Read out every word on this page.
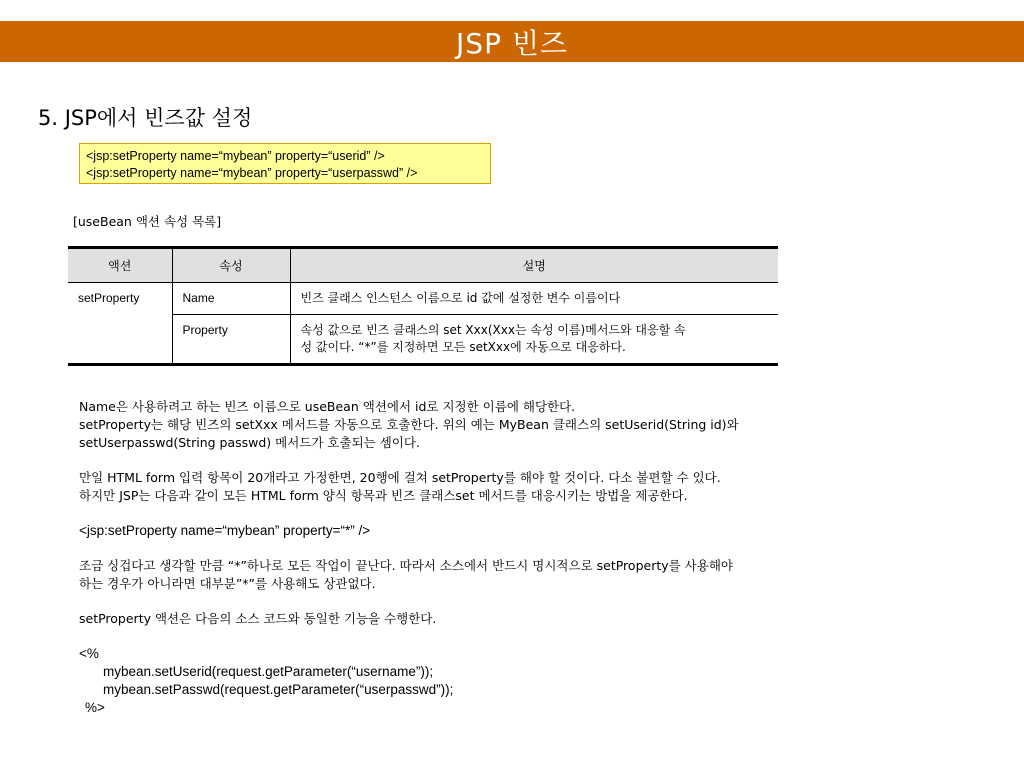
JSP 빈즈
5. JSP에서 빈즈값 설정
<jsp:setProperty name=“mybean” property=“userid” />
<jsp:setProperty name=“mybean” property=“userpasswd” />
[useBean 액션 속성 목록]
액션	속성	설명
setProperty	Name	빈즈 클래스 인스턴스 이름으로 id 값에 설정한 변수 이름이다
	Property	속성 값으로 빈즈 클래스의 set Xxx(Xxx는 속성 이름)메서드와 대응할 속
성 값이다. “*”를 지정하면 모든 setXxx에 자동으로 대응하다.

Name은 사용하려고 하는 빈즈 이름으로 useBean 액션에서 id로 지정한 이름에 해당한다.
setProperty는 해당 빈즈의 setXxx 메서드를 자동으로 호출한다. 위의 예는 MyBean 클래스의 setUserid(String id)와
setUserpasswd(String passwd) 메서드가 호출되는 셈이다.

만일 HTML form 입력 항목이 20개라고 가정한면, 20행에 걸쳐 setProperty를 해야 할 것이다. 다소 불편할 수 있다.
하지만 JSP는 다음과 같이 모든 HTML form 양식 항목과 빈즈 클래스set 메서드를 대응시키는 방법을 제공한다.

<jsp:setProperty name=“mybean” property=“*” />

조금 싱겁다고 생각할 만큼 “*”하나로 모든 작업이 끝난다. 따라서 소스에서 반드시 명시적으로 setProperty를 사용해야
하는 경우가 아니라면 대부분”*”를 사용해도 상관없다.

setProperty 액션은 다음의 소스 코드와 동일한 기능을 수행한다.

<%
mybean.setUserid(request.getParameter(“username”));
mybean.setPasswd(request.getParameter(“userpasswd”));
%>
